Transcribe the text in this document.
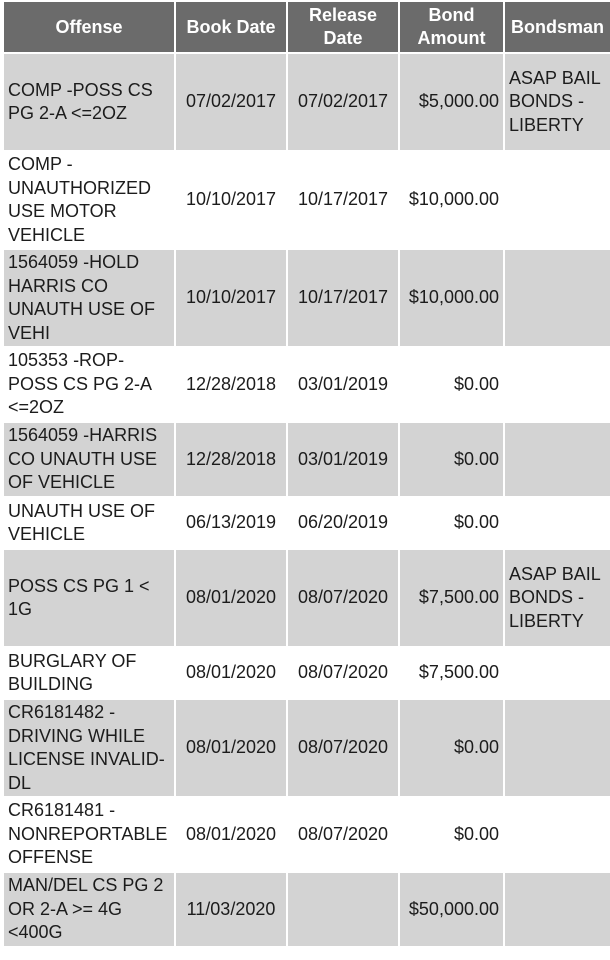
Offense	Book Date	Release Date	Bond Amount	Bondsman
COMP -POSS CS PG 2-A <=2OZ	07/02/2017	07/02/2017	$5,000.00	ASAP BAIL BONDS - LIBERTY
COMP - UNAUTHORIZED USE MOTOR VEHICLE	10/10/2017	10/17/2017	$10,000.00	
1564059 -HOLD HARRIS CO UNAUTH USE OF VEHI	10/10/2017	10/17/2017	$10,000.00	
105353 -ROP-POSS CS PG 2-A <=2OZ	12/28/2018	03/01/2019	$0.00	
1564059 -HARRIS CO UNAUTH USE OF VEHICLE	12/28/2018	03/01/2019	$0.00	
UNAUTH USE OF VEHICLE	06/13/2019	06/20/2019	$0.00	
POSS CS PG 1 < 1G	08/01/2020	08/07/2020	$7,500.00	ASAP BAIL BONDS - LIBERTY
BURGLARY OF BUILDING	08/01/2020	08/07/2020	$7,500.00	
CR6181482 -DRIVING WHILE LICENSE INVALID-DL	08/01/2020	08/07/2020	$0.00	
CR6181481 -NONREPORTABLE OFFENSE	08/01/2020	08/07/2020	$0.00	
MAN/DEL CS PG 2 OR 2-A >= 4G <400G	11/03/2020		$50,000.00	
